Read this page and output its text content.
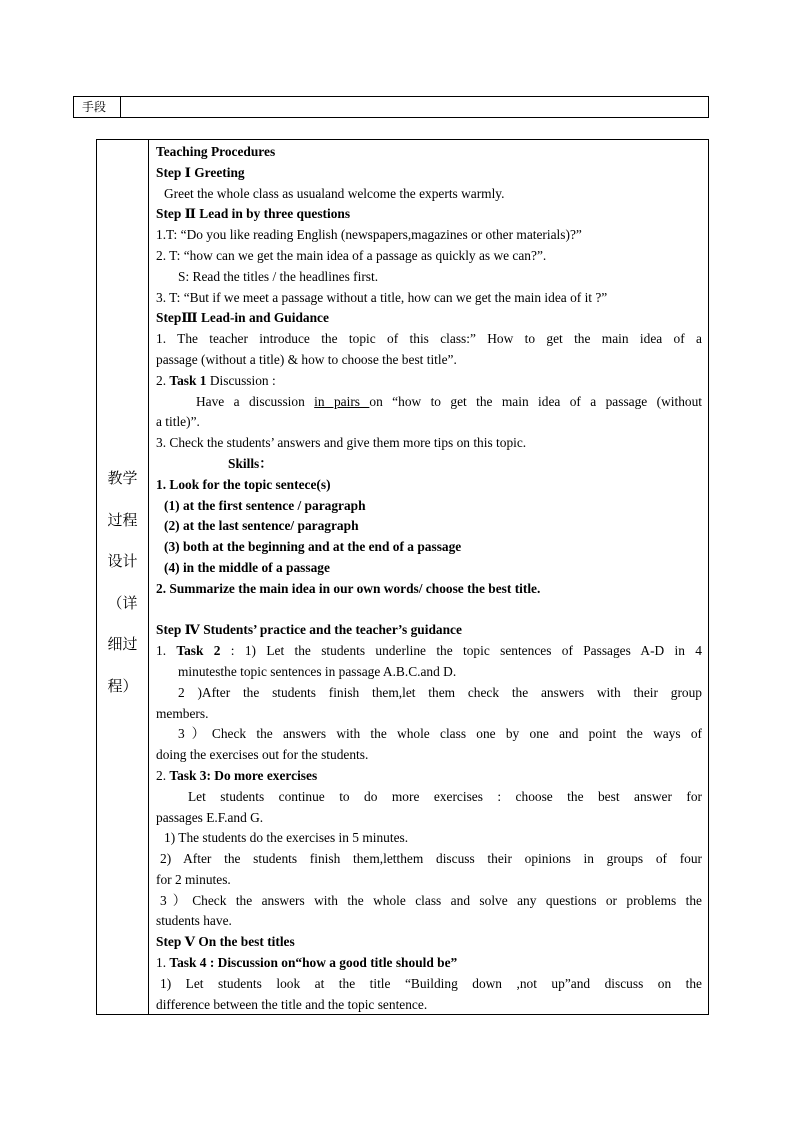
手段
教学
过程
设计
（详
细过
程）

Teaching Procedures

Step Ⅰ Greeting

Greet the whole class as usualand welcome the experts warmly.

Step Ⅱ Lead in by three questions

1.T: “Do you like reading English (newspapers,magazines or other materials)?”

2. T: “how can we get the main idea of a passage as quickly as we can?”.

S: Read the titles / the headlines first.

3. T: “But if we meet a passage without a title, how can we get the main idea of it ?”

StepⅢ Lead-in and Guidance

1. The teacher introduce the topic of this class:” How to get the main idea of a

passage (without a title) & how to choose the best title”.

2. Task 1 Discussion :

Have a discussion in pairs on “how to get the main idea of a passage (without

a title)”.

3. Check the students’ answers and give them more tips on this topic.

Skills：

1. Look for the topic sentece(s)

(1) at the first sentence / paragraph

(2) at the last sentence/ paragraph

(3) both at the beginning and at the end of a passage

(4) in the middle of a passage

2. Summarize the main idea in our own words/ choose the best title.

Step Ⅳ Students’ practice and the teacher’s guidance

1. Task 2 : 1) Let the students underline the topic sentences of Passages A-D in 4

minutesthe topic sentences in passage A.B.C.and D.

2 )After the students finish them,let them check the answers with their group

members.

3）Check the answers with the whole class one by one and point the ways of

doing the exercises out for the students.

2. Task 3: Do more exercises

Let students continue to do more exercises : choose the best answer for

passages E.F.and G.

1) The students do the exercises in 5 minutes.

2) After the students finish them,letthem discuss their opinions in groups of four

for 2 minutes.

3）Check the answers with the whole class and solve any questions or problems the

students have.

Step Ⅴ On the best titles

1. Task 4 : Discussion on“how a good title should be”

1) Let students look at the title “Building down ,not up”and discuss on the

difference between the title and the topic sentence.
